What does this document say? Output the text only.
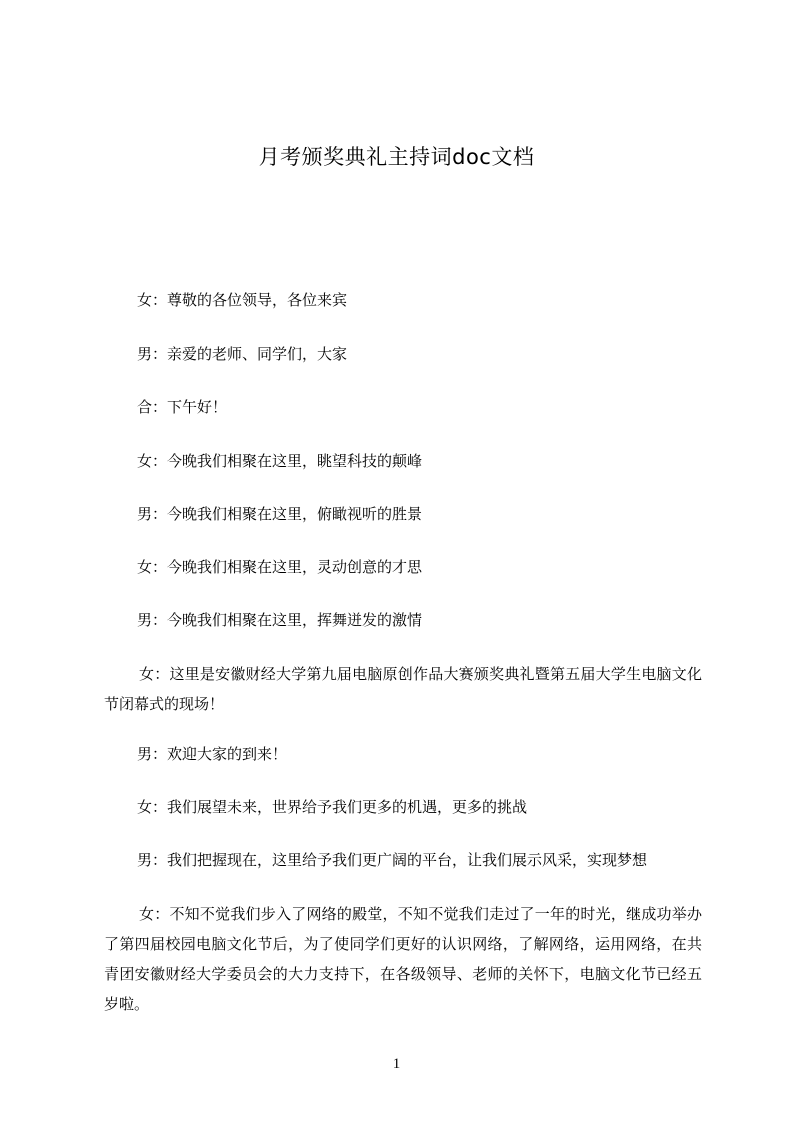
月考颁奖典礼主持词doc文档
女：尊敬的各位领导，各位来宾
男：亲爱的老师、同学们，大家
合：下午好！
女：今晚我们相聚在这里，眺望科技的颠峰
男：今晚我们相聚在这里，俯瞰视听的胜景
女：今晚我们相聚在这里，灵动创意的才思
男：今晚我们相聚在这里，挥舞迸发的激情
女：这里是安徽财经大学第九届电脑原创作品大赛颁奖典礼暨第五届大学生电脑文化节闭幕式的现场！
男：欢迎大家的到来！
女：我们展望未来，世界给予我们更多的机遇，更多的挑战
男：我们把握现在，这里给予我们更广阔的平台，让我们展示风采，实现梦想
女：不知不觉我们步入了网络的殿堂，不知不觉我们走过了一年的时光，继成功举办了第四届校园电脑文化节后，为了使同学们更好的认识网络，了解网络，运用网络，在共青团安徽财经大学委员会的大力支持下，在各级领导、老师的关怀下，电脑文化节已经五岁啦。
1
